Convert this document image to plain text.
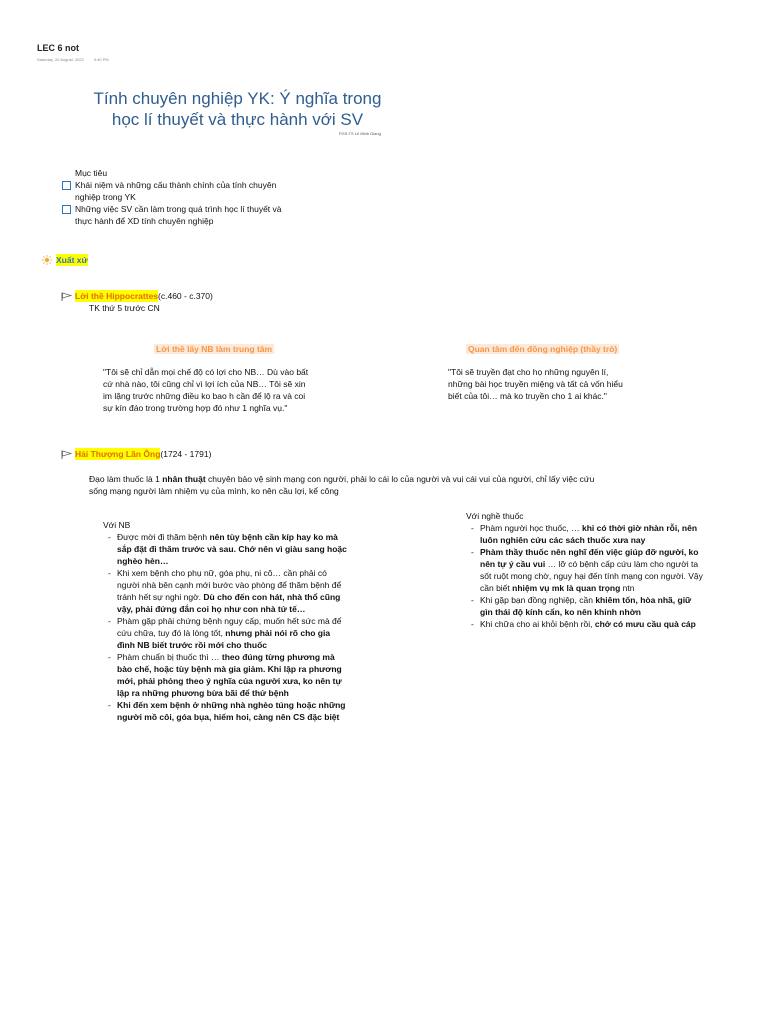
LEC 6 not
Saturday, 20 August, 2022	9:40 PM
Tính chuyên nghiệp YK: Ý nghĩa trong
học lí thuyết và thực hành với SV
PGS.TS Lê Minh Giang
Mục tiêu
Khái niệm và những cấu thành chính của tính chuyên
nghiệp trong YK
Những việc SV cần làm trong quá trình học lí thuyết và
thực hành để XD tính chuyên nghiệp
Xuất xứ
Lời thề Hippocrattes (c.460 - c.370)
TK thứ 5 trước CN
Lời thề lấy NB làm trung tâm
"Tôi sẽ chỉ dẫn mọi chế độ có lợi cho NB… Dù vào bất
cứ nhà nào, tôi cũng chỉ vì lợi ích của NB… Tôi sẽ xin
im lặng trước những điều ko bao h cần để lộ ra và coi
sự kín đáo trong trường hợp đó như 1 nghĩa vụ."
Quan tâm đến đồng nghiệp (thầy trò)
"Tôi sẽ truyền đạt cho họ những nguyên lí,
những bài học truyền miệng và tất cả vốn hiểu
biết của tôi… mà ko truyền cho 1 ai khác."
Hải Thượng Lãn Ông (1724 - 1791)
Đạo làm thuốc là 1 nhân thuật chuyên bảo vệ sinh mạng con người, phải lo cái lo của người và vui cái vui của người, chỉ lấy việc cứu
sống mạng người làm nhiệm vụ của mình, ko nên cầu lợi, kể công
Với NB
- Được mời đi thăm bệnh nên tùy bệnh cần kíp hay ko mà sắp đặt đi thăm trước và sau. Chớ nên vì giàu sang hoặc nghèo hèn…
- Khi xem bệnh cho phụ nữ, góa phụ, ni cô… cần phải có người nhà bên cạnh mới bước vào phòng để thăm bệnh để tránh hết sự nghi ngờ. Dù cho đến con hát, nhà thổ cũng vậy, phải đứng đắn coi họ như con nhà tử tế…
- Phàm gặp phải chứng bệnh nguy cấp, muốn hết sức mà để cứu chữa, tuy đó là lòng tốt, nhưng phải nói rõ cho gia đình NB biết trước rồi mới cho thuốc
- Phàm chuẩn bị thuốc thì … theo đúng từng phương mà bào chế, hoặc tùy bệnh mà gia giảm. Khi lập ra phương mới, phải phỏng theo ý nghĩa của người xưa, ko nên tự lập ra những phương bừa bãi để thử bệnh
- Khi đến xem bệnh ở những nhà nghèo túng hoặc những người mồ côi, góa bụa, hiếm hoi, càng nên CS đặc biệt
Với nghề thuốc
- Phàm người học thuốc, … khi có thời giờ nhàn rỗi, nên luôn nghiên cứu các sách thuốc xưa nay
- Phàm thầy thuốc nên nghĩ đến việc giúp đỡ người, ko nên tự ý cầu vui … lỡ có bệnh cấp cứu làm cho người ta sốt ruột mong chờ, nguy hại đến tính mạng con người. Vậy cần biết nhiệm vụ mk là quan trọng ntn
- Khi gặp bạn đồng nghiệp, cần khiêm tốn, hòa nhã, giữ gìn thái độ kính cẩn, ko nên khinh nhờn
- Khi chữa cho ai khỏi bệnh rồi, chớ có mưu cầu quà cáp
